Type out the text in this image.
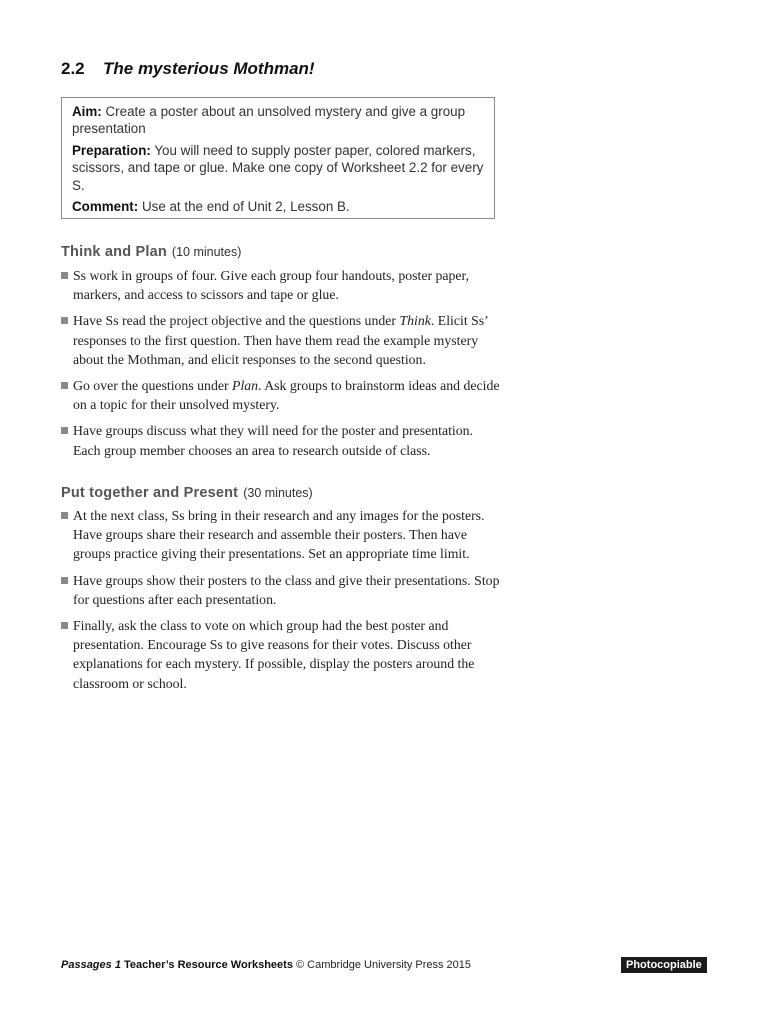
2.2 The mysterious Mothman!

Aim: Create a poster about an unsolved mystery and give a group presentation

Preparation: You will need to supply poster paper, colored markers, scissors, and tape or glue. Make one copy of Worksheet 2.2 for every S.

Comment: Use at the end of Unit 2, Lesson B.

Think and Plan (10 minutes)
Ss work in groups of four. Give each group four handouts, poster paper, markers, and access to scissors and tape or glue.
Have Ss read the project objective and the questions under Think. Elicit Ss’ responses to the first question. Then have them read the example mystery about the Mothman, and elicit responses to the second question.
Go over the questions under Plan. Ask groups to brainstorm ideas and decide on a topic for their unsolved mystery.
Have groups discuss what they will need for the poster and presentation. Each group member chooses an area to research outside of class.
Put together and Present (30 minutes)
At the next class, Ss bring in their research and any images for the posters. Have groups share their research and assemble their posters. Then have groups practice giving their presentations. Set an appropriate time limit.
Have groups show their posters to the class and give their presentations. Stop for questions after each presentation.
Finally, ask the class to vote on which group had the best poster and presentation. Encourage Ss to give reasons for their votes. Discuss other explanations for each mystery. If possible, display the posters around the classroom or school.
Passages 1 Teacher’s Resource Worksheets © Cambridge University Press 2015	Photocopiable
